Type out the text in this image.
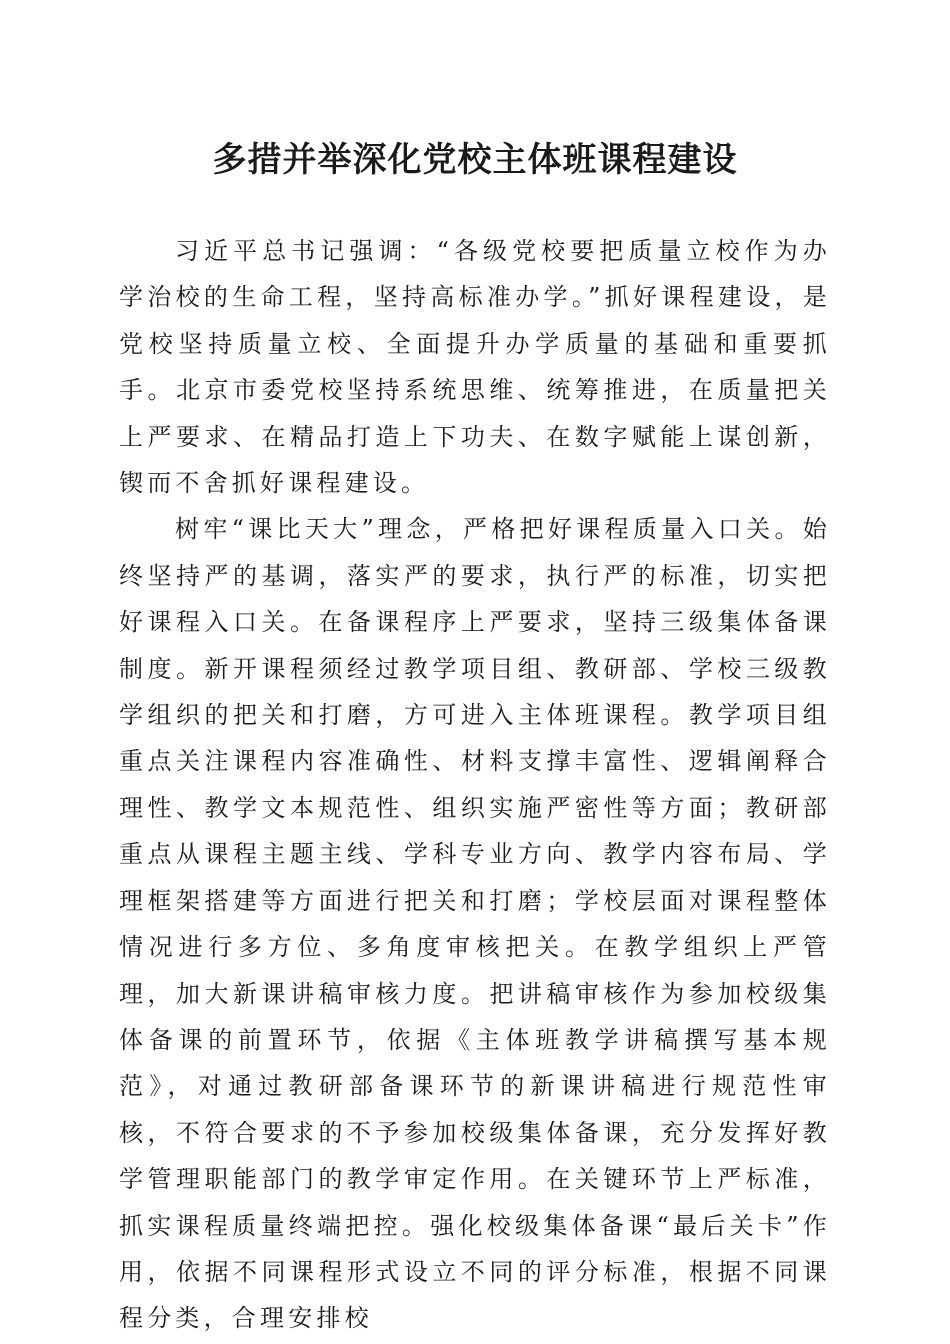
多措并举深化党校主体班课程建设

习近平总书记强调：“各级党校要把质量立校作为办学治校的生命工程，坚持高标准办学。”抓好课程建设，是党校坚持质量立校、全面提升办学质量的基础和重要抓手。北京市委党校坚持系统思维、统筹推进，在质量把关上严要求、在精品打造上下功夫、在数字赋能上谋创新，锲而不舍抓好课程建设。

树牢“课比天大”理念，严格把好课程质量入口关。始终坚持严的基调，落实严的要求，执行严的标准，切实把好课程入口关。在备课程序上严要求，坚持三级集体备课制度。新开课程须经过教学项目组、教研部、学校三级教学组织的把关和打磨，方可进入主体班课程。教学项目组重点关注课程内容准确性、材料支撑丰富性、逻辑阐释合理性、教学文本规范性、组织实施严密性等方面；教研部重点从课程主题主线、学科专业方向、教学内容布局、学理框架搭建等方面进行把关和打磨；学校层面对课程整体情况进行多方位、多角度审核把关。在教学组织上严管理，加大新课讲稿审核力度。把讲稿审核作为参加校级集体备课的前置环节，依据《主体班教学讲稿撰写基本规范》，对通过教研部备课环节的新课讲稿进行规范性审核，不符合要求的不予参加校级集体备课，充分发挥好教学管理职能部门的教学审定作用。在关键环节上严标准，抓实课程质量终端把控。强化校级集体备课“最后关卡”作用，依据不同课程形式设立不同的评分标准，根据不同课程分类，合理安排校
